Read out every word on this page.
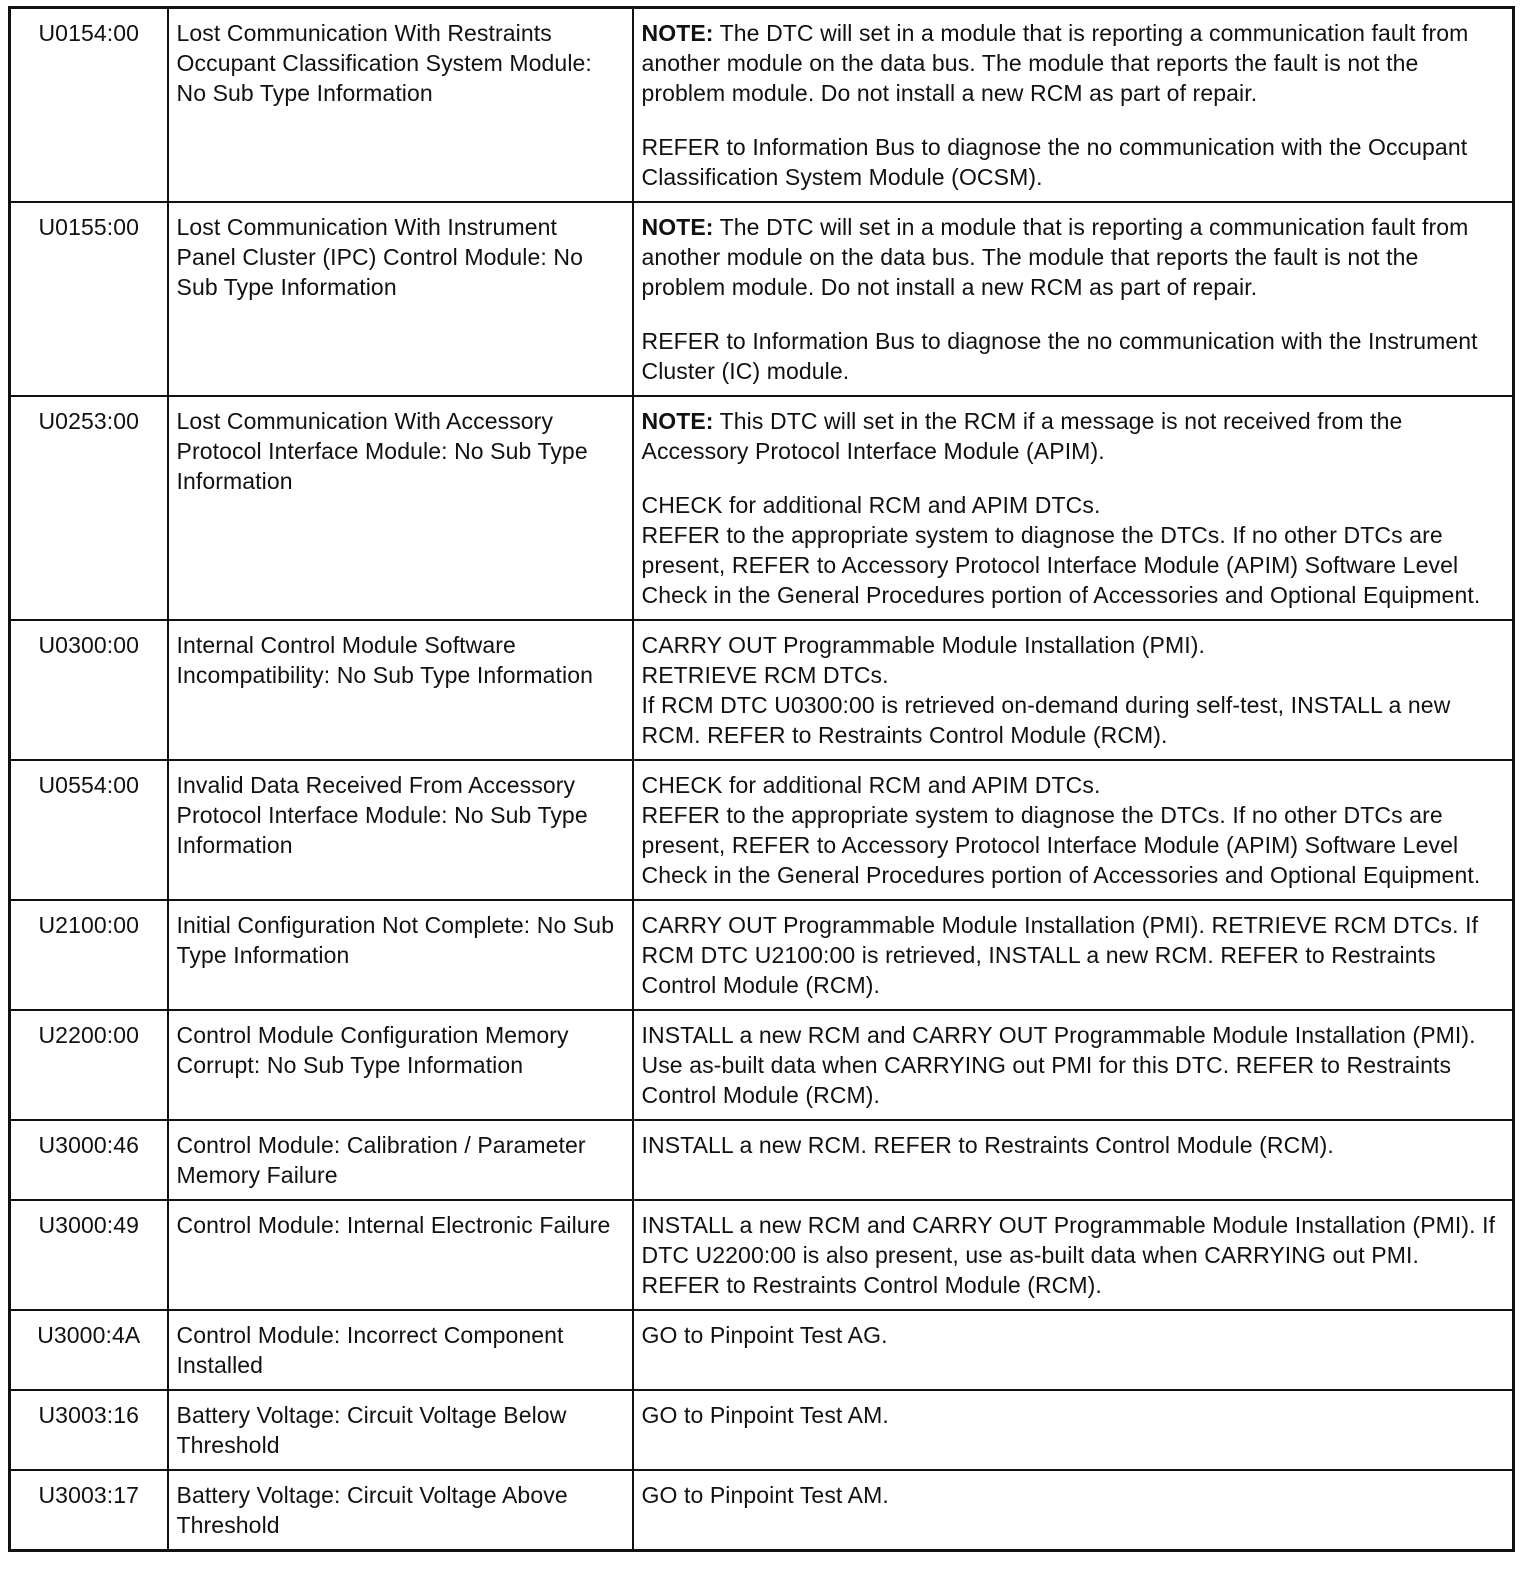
U0154:00	Lost Communication With Restraints Occupant Classification System Module: No Sub Type Information	NOTE: The DTC will set in a module that is reporting a communication fault from another module on the data bus. The module that reports the fault is not the problem module. Do not install a new RCM as part of repair.
REFER to Information Bus to diagnose the no communication with the Occupant Classification System Module (OCSM).

U0155:00	Lost Communication With Instrument Panel Cluster (IPC) Control Module: No Sub Type Information	NOTE: The DTC will set in a module that is reporting a communication fault from another module on the data bus. The module that reports the fault is not the problem module. Do not install a new RCM as part of repair.
REFER to Information Bus to diagnose the no communication with the Instrument Cluster (IC) module.

U0253:00	Lost Communication With Accessory Protocol Interface Module: No Sub Type Information	NOTE: This DTC will set in the RCM if a message is not received from the Accessory Protocol Interface Module (APIM).
CHECK for additional RCM and APIM DTCs.
REFER to the appropriate system to diagnose the DTCs. If no other DTCs are present, REFER to Accessory Protocol Interface Module (APIM) Software Level Check in the General Procedures portion of Accessories and Optional Equipment.

U0300:00	Internal Control Module Software Incompatibility: No Sub Type Information	CARRY OUT Programmable Module Installation (PMI).
RETRIEVE RCM DTCs.
If RCM DTC U0300:00 is retrieved on-demand during self-test, INSTALL a new RCM. REFER to Restraints Control Module (RCM).

U0554:00	Invalid Data Received From Accessory Protocol Interface Module: No Sub Type Information	CHECK for additional RCM and APIM DTCs.
REFER to the appropriate system to diagnose the DTCs. If no other DTCs are present, REFER to Accessory Protocol Interface Module (APIM) Software Level Check in the General Procedures portion of Accessories and Optional Equipment.

U2100:00	Initial Configuration Not Complete: No Sub Type Information	CARRY OUT Programmable Module Installation (PMI). RETRIEVE RCM DTCs. If RCM DTC U2100:00 is retrieved, INSTALL a new RCM. REFER to Restraints Control Module (RCM).

U2200:00	Control Module Configuration Memory Corrupt: No Sub Type Information	INSTALL a new RCM and CARRY OUT Programmable Module Installation (PMI). Use as-built data when CARRYING out PMI for this DTC. REFER to Restraints Control Module (RCM).

U3000:46	Control Module: Calibration / Parameter Memory Failure	INSTALL a new RCM. REFER to Restraints Control Module (RCM).

U3000:49	Control Module: Internal Electronic Failure	INSTALL a new RCM and CARRY OUT Programmable Module Installation (PMI). If DTC U2200:00 is also present, use as-built data when CARRYING out PMI. REFER to Restraints Control Module (RCM).

U3000:4A	Control Module: Incorrect Component Installed	GO to Pinpoint Test AG.

U3003:16	Battery Voltage: Circuit Voltage Below Threshold	GO to Pinpoint Test AM.

U3003:17	Battery Voltage: Circuit Voltage Above Threshold	GO to Pinpoint Test AM.
